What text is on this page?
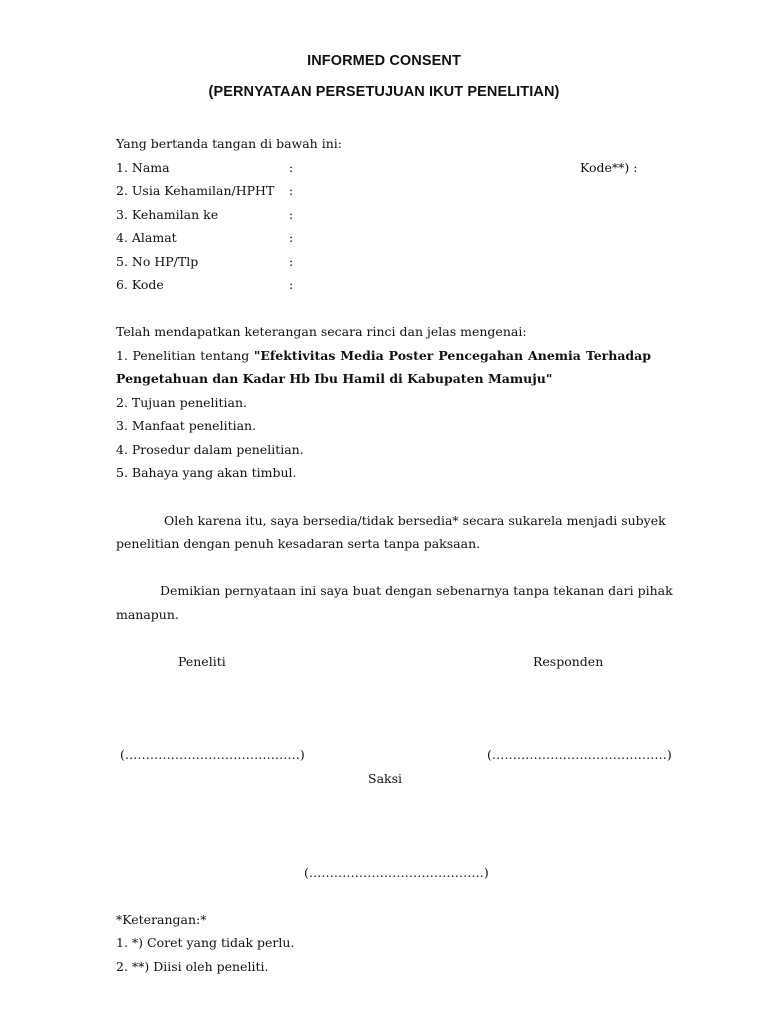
INFORMED CONSENT
(PERNYATAAN PERSETUJUAN IKUT PENELITIAN)
Yang bertanda tangan di bawah ini:
1. Nama	:	Kode**) :
2. Usia Kehamilan/HPHT :
3. Kehamilan ke	:
4. Alamat	:
5. No HP/Tlp	:
6. Kode	:
Telah mendapatkan keterangan secara rinci dan jelas mengenai:
1. Penelitian tentang "Efektivitas Media Poster Pencegahan Anemia Terhadap
Pengetahuan dan Kadar Hb Ibu Hamil di Kabupaten Mamuju"
2. Tujuan penelitian.
3. Manfaat penelitian.
4. Prosedur dalam penelitian.
5. Bahaya yang akan timbul.
Oleh karena itu, saya bersedia/tidak bersedia* secara sukarela menjadi subyek
penelitian dengan penuh kesadaran serta tanpa paksaan.
Demikian pernyataan ini saya buat dengan sebenarnya tanpa tekanan dari pihak
manapun.
Peneliti	Responden
(……………………………………)	(……………………………………)
Saksi
(……………………………………)
*Keterangan:*
1. *) Coret yang tidak perlu.
2. **) Diisi oleh peneliti.
